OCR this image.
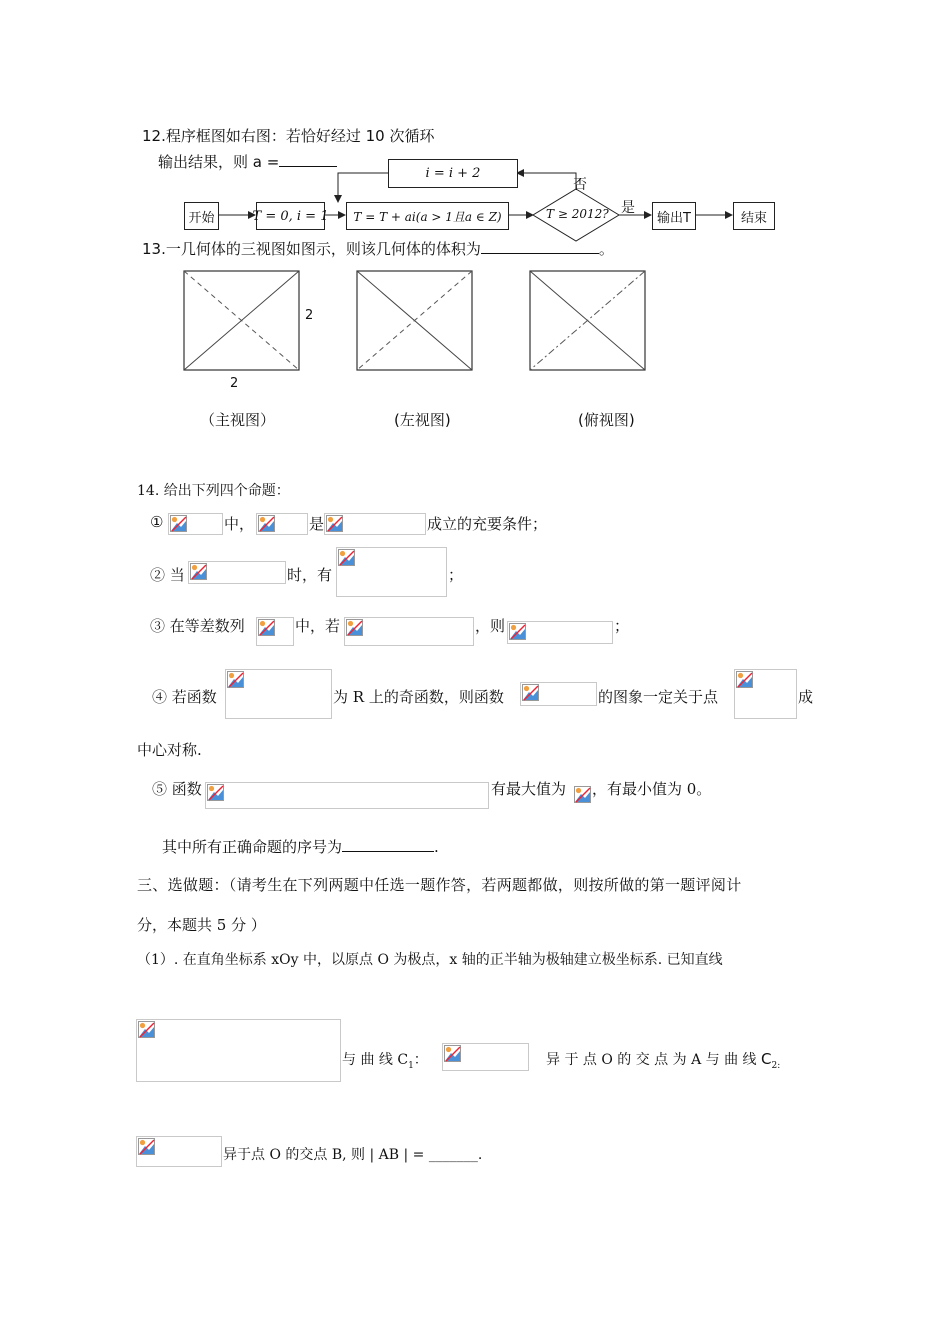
12.程序框图如右图：若恰好经过 10 次循环
输出结果，则 a =
开始	T = 0, i = 1	T = T + ai(a > 1且a ∈ Z)	T ≥ 2012?
i = i + 2
否
是
输出T	结束
13.一几何体的三视图如图示，则该几何体的体积为	。
2
2
（主视图）	(左视图)	(俯视图)
14. 给出下列四个命题：
①	中，	是	成立的充要条件；
② 当	时，有	；
③ 在等差数列	中，若	，则	；
④ 若函数	为 R 上的奇函数，则函数	的图象一定关于点	成
中心对称.
⑤ 函数	有最大值为 ，有最小值为 0。
其中所有正确命题的序号为	.
三、选做题：（请考生在下列两题中任选一题作答，若两题都做，则按所做的第一题评阅计
分，本题共 5 分 ）
（1）. 在直角坐标系 xOy 中，以原点 O 为极点，x 轴的正半轴为极轴建立极坐标系. 已知直线
与 曲 线 $C_1$：	异 于 点 O 的 交 点 为 A 与 曲 线 $C_{2:}$
异于点 O 的交点 B, 则 | AB | = _______.
